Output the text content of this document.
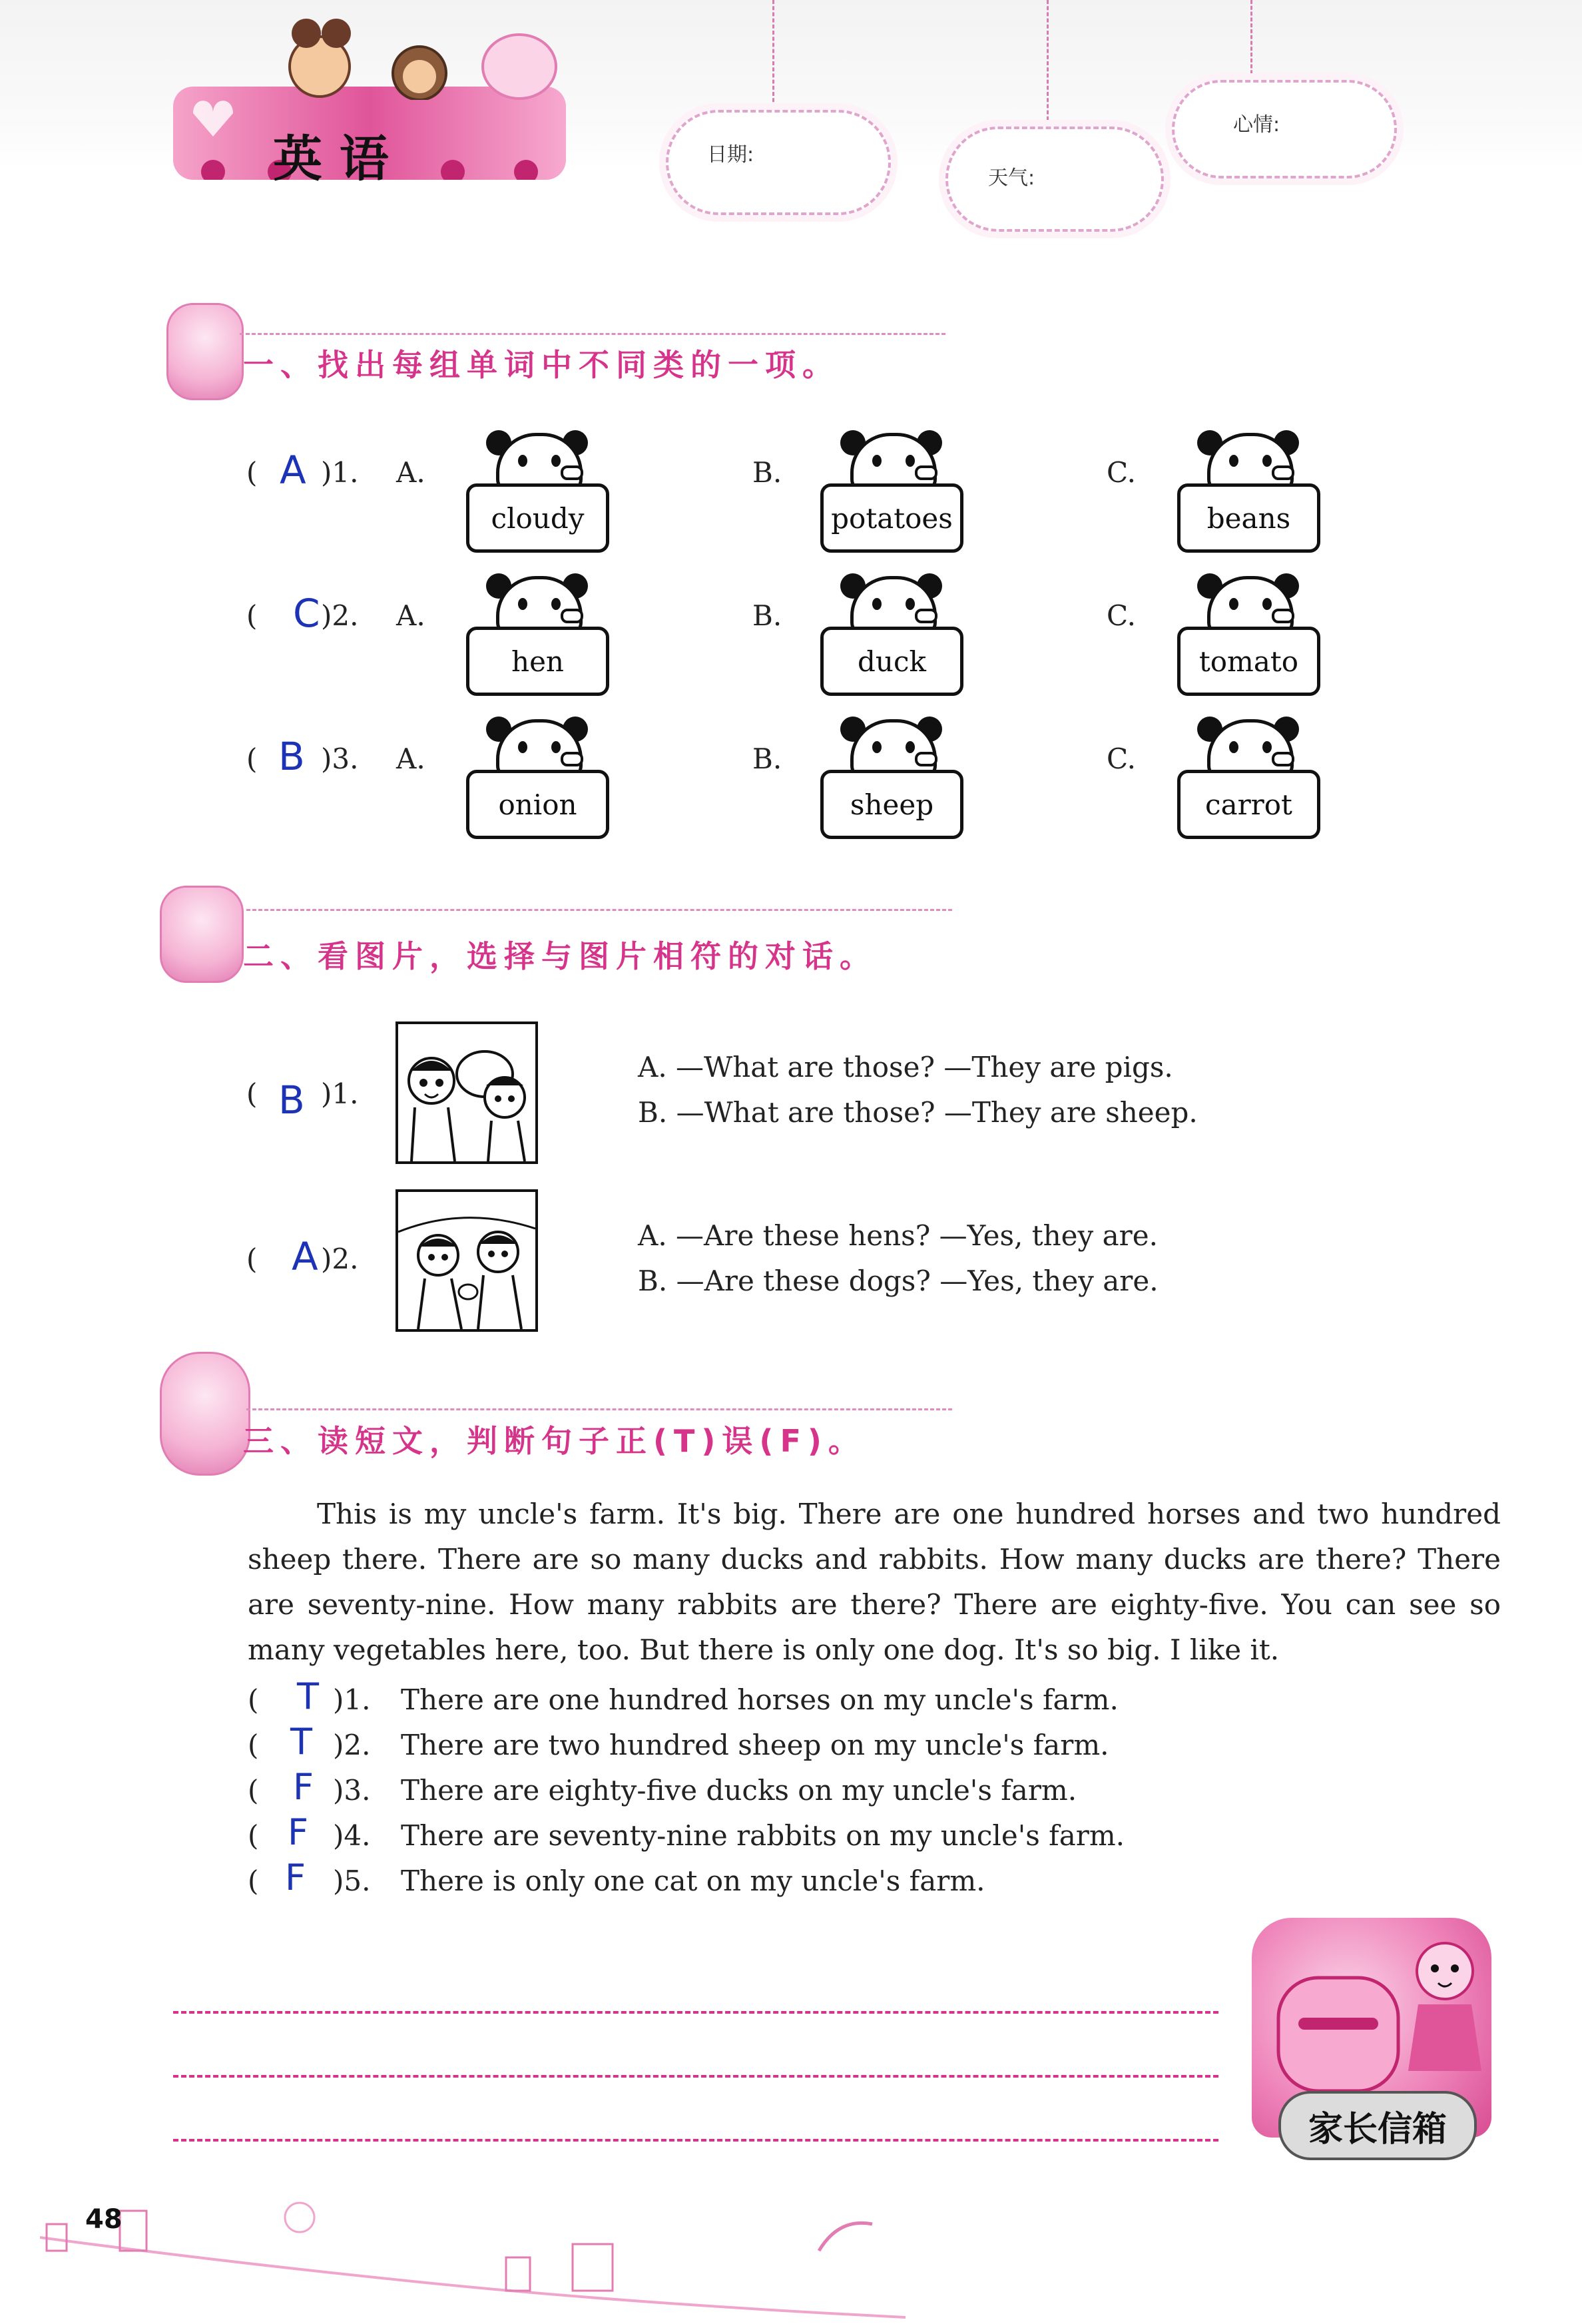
英 语	日期:
天气:
心情:
一、找出每组单词中不同类的一项。
( A )1. A.
cloudy
B.
potatoes
C.
beans
( C )2. A.
hen
B.
duck
C.
tomato
( B )3. A.
onion
B.
sheep
C.
carrot
二、看图片，选择与图片相符的对话。
( B )1.
A. —What are those? —They are pigs.
B. —What are those? —They are sheep.
( A )2.
A. —Are these hens? —Yes, they are.
B. —Are these dogs? —Yes, they are.
三、读短文，判断句子正(T)误(F)。

This is my uncle's farm. It's big. There are one hundred horses and two hundred sheep there. There are so many ducks and rabbits. How many ducks are there? There are seventy-nine. How many rabbits are there? There are eighty-five. You can see so many vegetables here, too. But there is only one dog. It's so big. I like it.

( T )1. There are one hundred horses on my uncle's farm.
( T )2. There are two hundred sheep on my uncle's farm.
( F )3. There are eighty-five ducks on my uncle's farm.
( F )4. There are seventy-nine rabbits on my uncle's farm.
( F )5. There is only one cat on my uncle's farm.
家长信箱
48
